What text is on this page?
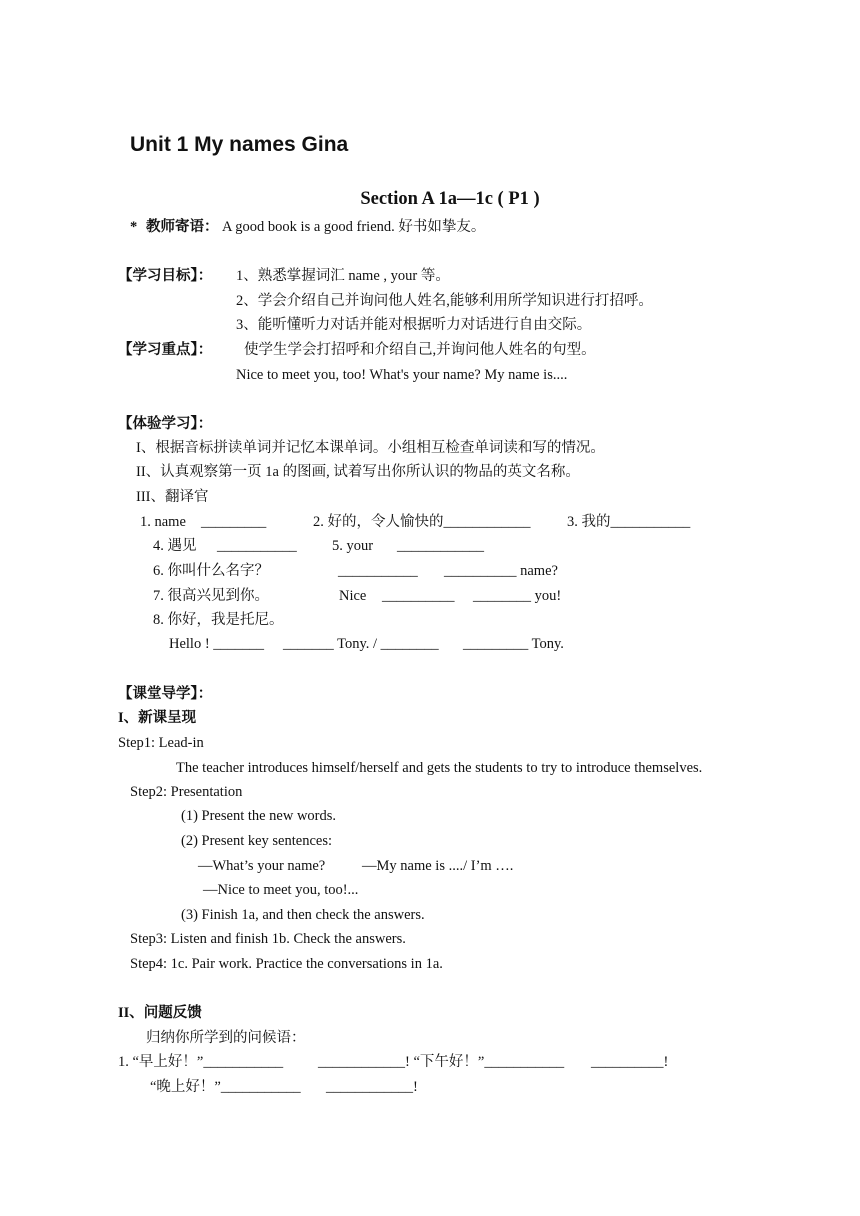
Unit 1 My names Gina
Section A 1a—1c ( P1 )
* 教师寄语： A good book is a good friend. 好书如挚友。
【学习目标】： 1、熟悉掌握词汇 name , your 等。
2、学会介绍自己并询问他人姓名,能够利用所学知识进行打招呼。
3、能听懂听力对话并能对根据听力对话进行自由交际。
【学习重点】： 使学生学会打招呼和介绍自己,并询问他人姓名的句型。
Nice to meet you, too! What's your name? My name is....
【体验学习】：
I、根据音标拼读单词并记忆本课单词。小组相互检查单词读和写的情况。
II、认真观察第一页 1a 的图画, 试着写出你所认识的物品的英文名称。
III、翻译官
1. name _________	2. 好的，令人愉快的____________	3. 我的___________
4. 遇见 ___________ 5. your ____________
6. 你叫什么名字？	___________ __________ name?
7. 很高兴见到你。	Nice __________ ________ you!
8. 你好，我是托尼。
Hello ! _______ _______ Tony. / ________ _________ Tony.
【课堂导学】：
I、新课呈现
Step1: Lead-in
The teacher introduces himself/herself and gets the students to try to introduce themselves.
Step2: Presentation
(1) Present the new words.
(2) Present key sentences:
—What’s your name?	—My name is ..../ I’m ….
—Nice to meet you, too!...
(3) Finish 1a, and then check the answers.
Step3: Listen and finish 1b. Check the answers.
Step4: 1c. Pair work. Practice the conversations in 1a.
II、问题反馈
归纳你所学到的问候语：
1. “早上好！”___________ ____________! “下午好！”___________ __________!
“晚上好！”___________ ____________!
